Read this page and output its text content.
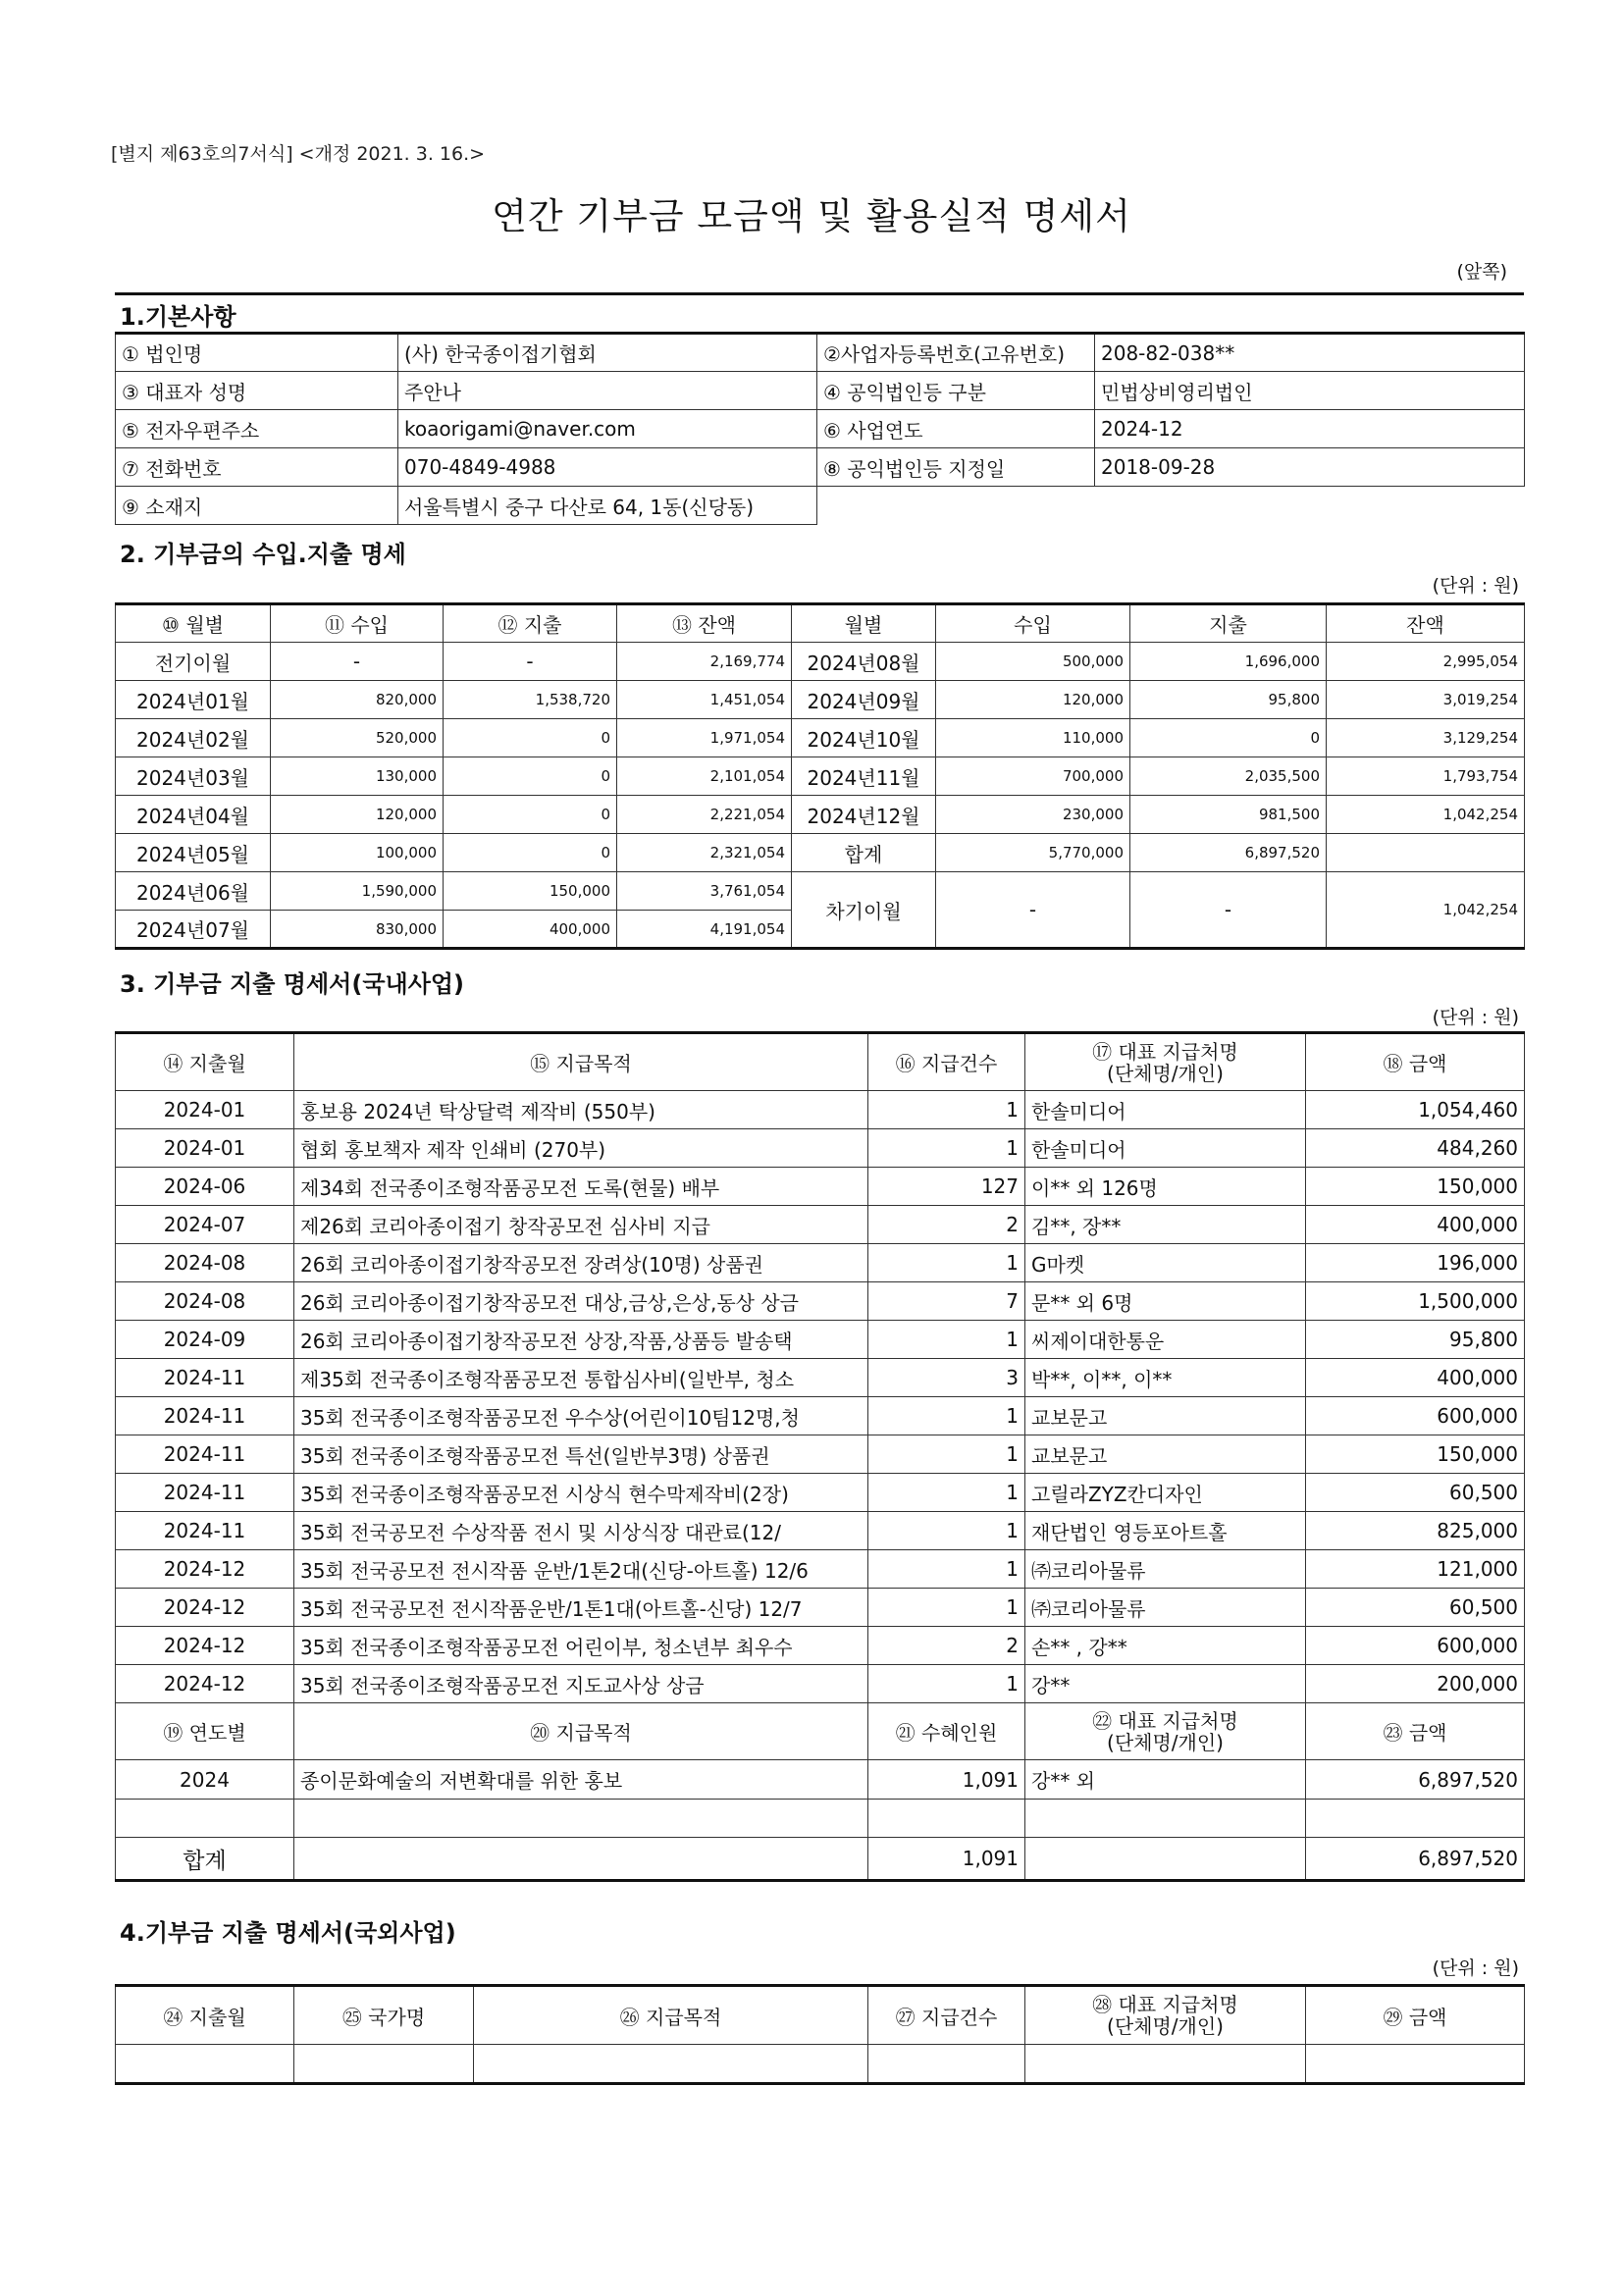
[별지 제63호의7서식] <개정 2021. 3. 16.>
연간 기부금 모금액 및 활용실적 명세서
(앞쪽)
1.기본사항
① 법인명	(사) 한국종이접기협회	②사업자등록번호(고유번호)	208-82-038**
③ 대표자 성명	주안나	④ 공익법인등 구분	민법상비영리법인
⑤ 전자우편주소	koaorigami@naver.com	⑥ 사업연도	2024-12
⑦ 전화번호	070-4849-4988	⑧ 공익법인등 지정일	2018-09-28
⑨ 소재지	서울특별시 중구 다산로 64, 1동(신당동)		
2. 기부금의 수입.지출 명세
(단위 : 원)
⑩ 월별	⑪ 수입	⑫ 지출	⑬ 잔액	월별	수입	지출	잔액
전기이월	-	-	2,169,774	2024년08월	500,000	1,696,000	2,995,054
2024년01월	820,000	1,538,720	1,451,054	2024년09월	120,000	95,800	3,019,254
2024년02월	520,000	0	1,971,054	2024년10월	110,000	0	3,129,254
2024년03월	130,000	0	2,101,054	2024년11월	700,000	2,035,500	1,793,754
2024년04월	120,000	0	2,221,054	2024년12월	230,000	981,500	1,042,254
2024년05월	100,000	0	2,321,054	합계	5,770,000	6,897,520	
2024년06월	1,590,000	150,000	3,761,054	차기이월	-	-	1,042,254
2024년07월	830,000	400,000	4,191,054				
3. 기부금 지출 명세서(국내사업)
(단위 : 원)
⑭ 지출월	⑮ 지급목적	⑯ 지급건수	⑰ 대표 지급처명
(단체명/개인)	⑱ 금액
2024-01	홍보용 2024년 탁상달력 제작비 (550부)	1	한솔미디어	1,054,460
2024-01	협회 홍보책자 제작 인쇄비 (270부)	1	한솔미디어	484,260
2024-06	제34회 전국종이조형작품공모전 도록(현물) 배부	127	이** 외 126명	150,000
2024-07	제26회 코리아종이접기 창작공모전 심사비 지급	2	김**, 장**	400,000
2024-08	26회 코리아종이접기창작공모전 장려상(10명) 상품권	1	G마켓	196,000
2024-08	26회 코리아종이접기창작공모전 대상,금상,은상,동상 상금	7	문** 외 6명	1,500,000
2024-09	26회 코리아종이접기창작공모전 상장,작품,상품등 발송택	1	씨제이대한통운	95,800
2024-11	제35회 전국종이조형작품공모전 통합심사비(일반부, 청소	3	박**, 이**, 이**	400,000
2024-11	35회 전국종이조형작품공모전 우수상(어린이10팀12명,청	1	교보문고	600,000
2024-11	35회 전국종이조형작품공모전 특선(일반부3명) 상품권	1	교보문고	150,000
2024-11	35회 전국종이조형작품공모전 시상식 현수막제작비(2장)	1	고릴라ZYZ칸디자인	60,500
2024-11	35회 전국공모전 수상작품 전시 및 시상식장 대관료(12/	1	재단법인 영등포아트홀	825,000
2024-12	35회 전국공모전 전시작품 운반/1톤2대(신당-아트홀) 12/6	1	㈜코리아물류	121,000
2024-12	35회 전국공모전 전시작품운반/1톤1대(아트홀-신당) 12/7	1	㈜코리아물류	60,500
2024-12	35회 전국종이조형작품공모전 어린이부, 청소년부 최우수	2	손** , 강**	600,000
2024-12	35회 전국종이조형작품공모전 지도교사상 상금	1	강**	200,000
⑲ 연도별	⑳ 지급목적	㉑ 수혜인원	㉒ 대표 지급처명
(단체명/개인)	㉓ 금액
2024	종이문화예술의 저변확대를 위한 홍보	1,091	강** 외	6,897,520

합계		1,091		6,897,520
4.기부금 지출 명세서(국외사업)
(단위 : 원)
㉔ 지출월	㉕ 국가명	㉖ 지급목적	㉗ 지급건수	㉘ 대표 지급처명
(단체명/개인)	㉙ 금액
